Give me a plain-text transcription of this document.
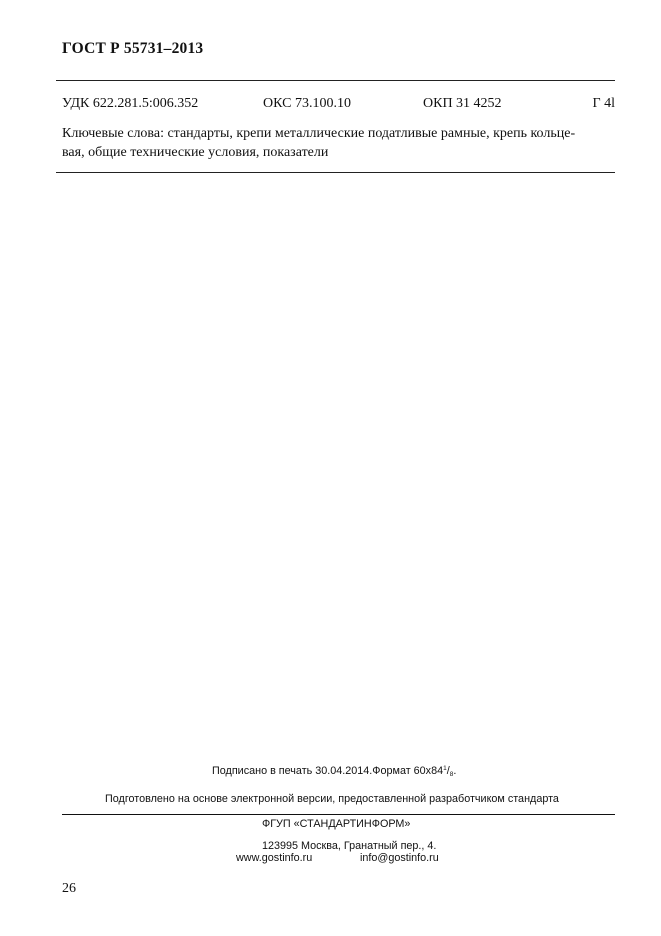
ГОСТ Р 55731–2013
УДК 622.281.5:006.352	ОКС 73.100.10	ОКП 31 4252	Г 4l
Ключевые слова: стандарты, крепи металлические податливые рамные, крепь кольце-
вая, общие технические условия, показатели
Подписано в печать 30.04.2014.Формат $60x84^1/_8$.
Подготовлено на основе электронной версии, предоставленной разработчиком стандарта
ФГУП «СТАНДАРТИНФОРМ»
123995 Москва, Гранатный пер., 4.
www.gostinfo.ru	info@gostinfo.ru
26
